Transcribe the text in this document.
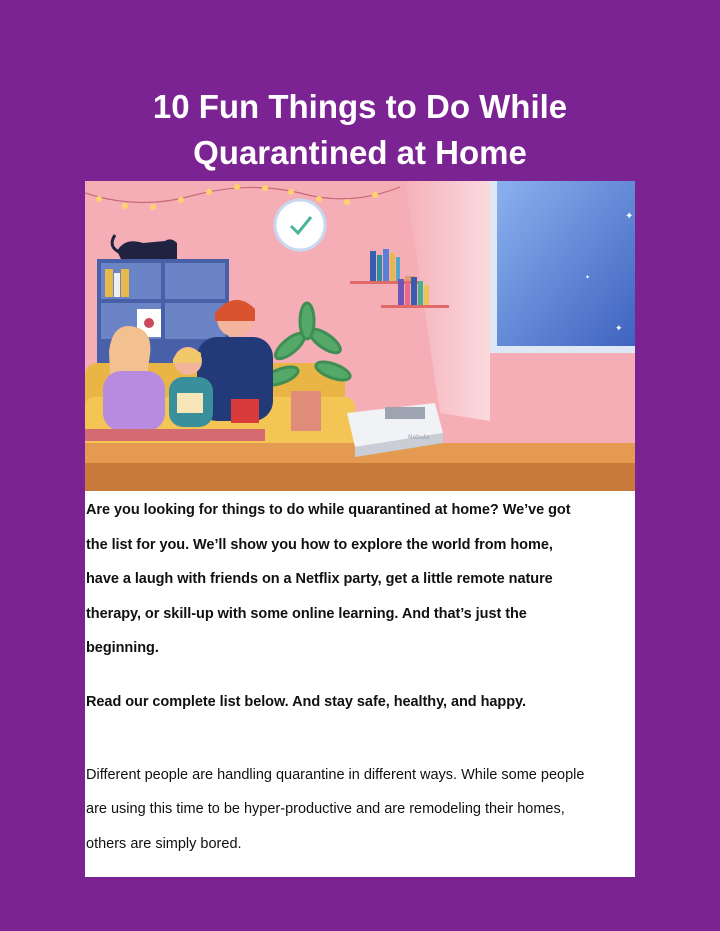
10 Fun Things to Do While
Quarantined at Home
✦
✦
✦
Nebula

Are you looking for things to do while quarantined at home? We’ve got
the list for you. We’ll show you how to explore the world from home,
have a laugh with friends on a Netflix party, get a little remote nature
therapy, or skill-up with some online learning. And that’s just the
beginning.

Read our complete list below. And stay safe, healthy, and happy.

Different people are handling quarantine in different ways. While some people
are using this time to be hyper-productive and are remodeling their homes,
others are simply bored.
